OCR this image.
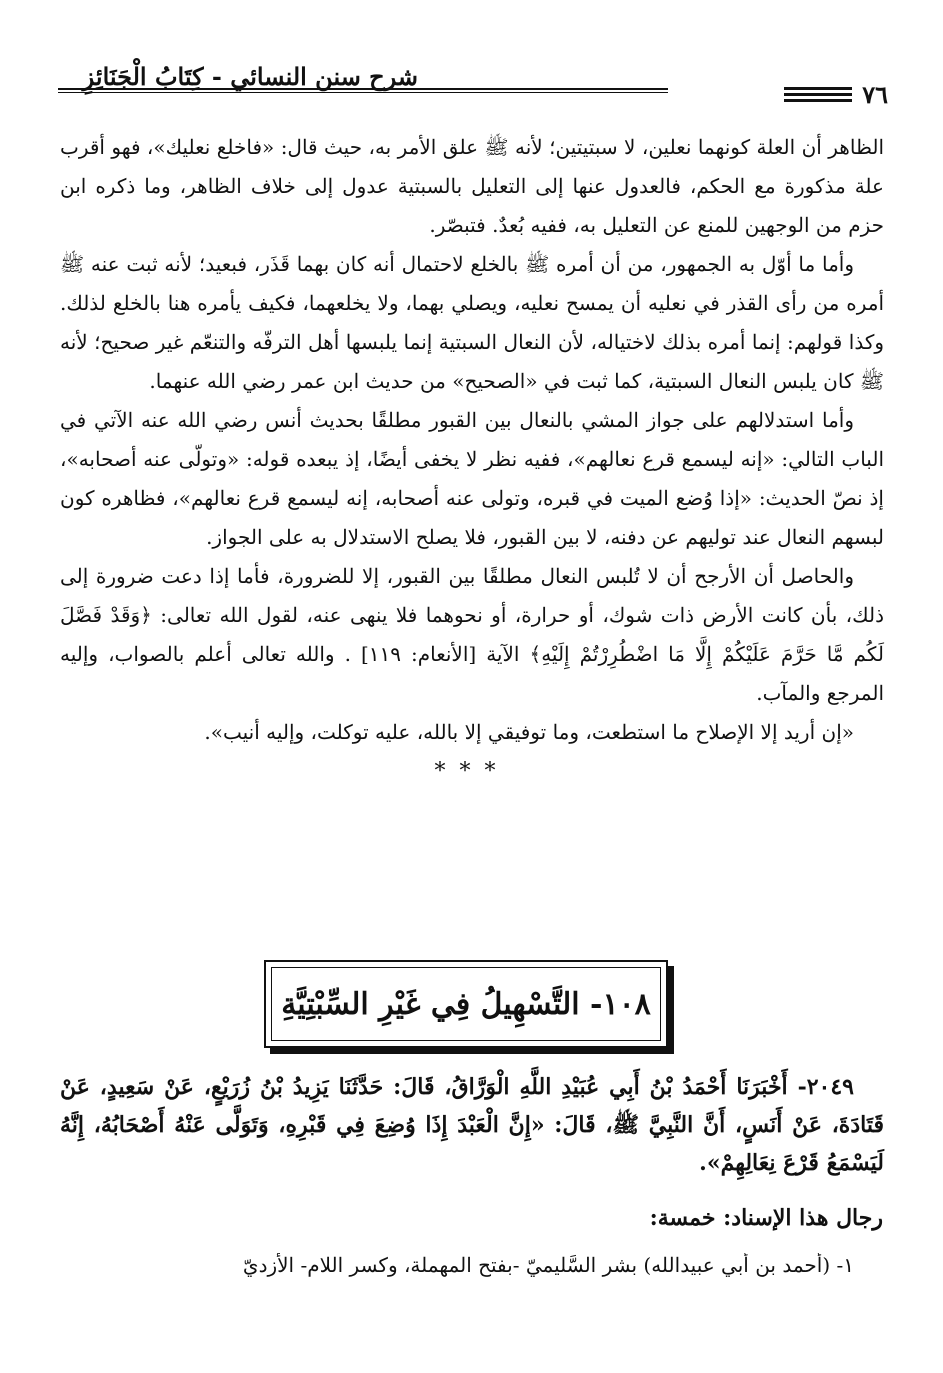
شرح سنن النسائي - كِتَابُ الْجَنَائِزِ
٧٦

الظاهر أن العلة كونهما نعلين، لا سبتيتين؛ لأنه ﷺ علق الأمر به، حيث قال: «فاخلع نعليك»، فهو أقرب علة مذكورة مع الحكم، فالعدول عنها إلى التعليل بالسبتية عدول إلى خلاف الظاهر، وما ذكره ابن حزم من الوجهين للمنع عن التعليل به، ففيه بُعدٌ. فتبصّر.

وأما ما أوّل به الجمهور، من أن أمره ﷺ بالخلع لاحتمال أنه كان بهما قَذَر، فبعيد؛ لأنه ثبت عنه ﷺ أمره من رأى القذر في نعليه أن يمسح نعليه، ويصلي بهما، ولا يخلعهما، فكيف يأمره هنا بالخلع لذلك. وكذا قولهم: إنما أمره بذلك لاختياله، لأن النعال السبتية إنما يلبسها أهل الترفّه والتنعّم غير صحيح؛ لأنه ﷺ كان يلبس النعال السبتية، كما ثبت في «الصحيح» من حديث ابن عمر رضي الله عنهما.

وأما استدلالهم على جواز المشي بالنعال بين القبور مطلقًا بحديث أنس رضي الله عنه الآتي في الباب التالي: «إنه ليسمع قرع نعالهم»، ففيه نظر لا يخفى أيضًا، إذ يبعده قوله: «وتولّى عنه أصحابه»، إذ نصّ الحديث: «إذا وُضع الميت في قبره، وتولى عنه أصحابه، إنه ليسمع قرع نعالهم»، فظاهره كون لبسهم النعال عند توليهم عن دفنه، لا بين القبور، فلا يصلح الاستدلال به على الجواز.

والحاصل أن الأرجح أن لا تُلبس النعال مطلقًا بين القبور، إلا للضرورة، فأما إذا دعت ضرورة إلى ذلك، بأن كانت الأرض ذات شوك، أو حرارة، أو نحوهما فلا ينهى عنه، لقول الله تعالى: ﴿وَقَدْ فَصَّلَ لَكُم مَّا حَرَّمَ عَلَيْكُمْ إِلَّا مَا اضْطُرِرْتُمْ إِلَيْهِ﴾ الآية [الأنعام: ١١٩] . والله تعالى أعلم بالصواب، وإليه المرجع والمآب.

«إن أريد إلا الإصلاح ما استطعت، وما توفيقي إلا بالله، عليه توكلت، وإليه أنيب».

***

١٠٨- التَّسْهِيلُ فِي غَيْرِ السِّبْتِيَّةِ

٢٠٤٩- أَخْبَرَنَا أَحْمَدُ بْنُ أَبِي عُبَيْدِ اللَّهِ الْوَرَّاقُ، قَالَ: حَدَّثَنَا يَزِيدُ بْنُ زُرَيْعٍ، عَنْ سَعِيدٍ، عَنْ قَتَادَةَ، عَنْ أَنَسٍ، أَنَّ النَّبِيَّ ﷺ، قَالَ: «إِنَّ الْعَبْدَ إِذَا وُضِعَ فِي قَبْرِهِ، وَتَوَلَّى عَنْهُ أَصْحَابُهُ، إِنَّهُ لَيَسْمَعُ قَرْعَ نِعَالِهِمْ».

رجال هذا الإسناد: خمسة:
١- (أحمد بن أبي عبيدالله) بشر السَّليميّ -بفتح المهملة، وكسر اللام- الأزديّ
